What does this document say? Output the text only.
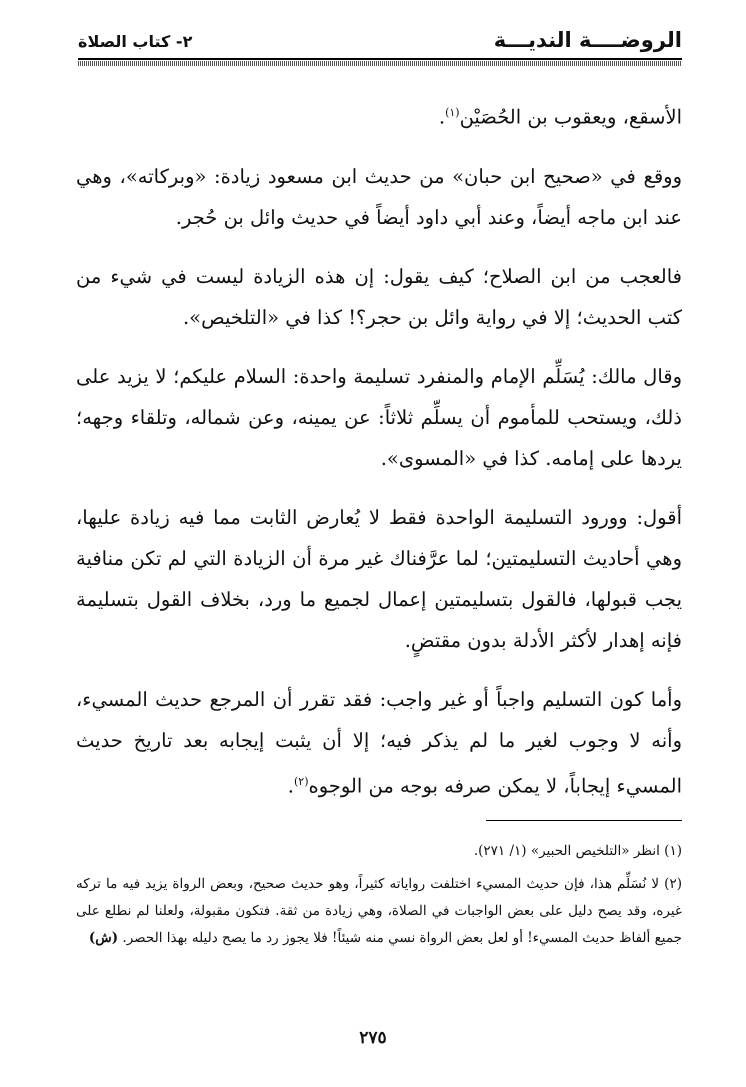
الروضــــة النديـــة
٢- كتاب الصلاة

الأسقع، ويعقوب بن الحُصَيْن$^{(١)}$.

ووقع في «صحيح ابن حبان» من حديث ابن مسعود زيادة: «وبركاته»، وهي عند ابن ماجه أيضاً، وعند أبي داود أيضاً في حديث وائل بن حُجر.

فالعجب من ابن الصلاح؛ كيف يقول: إن هذه الزيادة ليست في شيء من كتب الحديث؛ إلا في رواية وائل بن حجر؟! كذا في «التلخيص».

وقال مالك: يُسَلِّم الإمام والمنفرد تسليمة واحدة: السلام عليكم؛ لا يزيد على ذلك، ويستحب للمأموم أن يسلِّم ثلاثاً: عن يمينه، وعن شماله، وتلقاء وجهه؛ يردها على إمامه. كذا في «المسوى».

أقول: وورود التسليمة الواحدة فقط لا يُعارض الثابت مما فيه زيادة عليها، وهي أحاديث التسليمتين؛ لما عرَّفناك غير مرة أن الزيادة التي لم تكن منافية يجب قبولها، فالقول بتسليمتين إعمال لجميع ما ورد، بخلاف القول بتسليمة فإنه إهدار لأكثر الأدلة بدون مقتضٍ.

وأما كون التسليم واجباً أو غير واجب: فقد تقرر أن المرجع حديث المسيء، وأنه لا وجوب لغير ما لم يذكر فيه؛ إلا أن يثبت إيجابه بعد تاريخ حديث المسيء إيجاباً، لا يمكن صرفه بوجه من الوجوه$^{(٢)}$.

(١) انظر «التلخيص الحبير» (١/ ٢٧١).

(٢) لا نُسَلِّم هذا، فإن حديث المسيء اختلفت رواياته كثيراً، وهو حديث صحيح، وبعض الرواة يزيد فيه ما تركه غيره، وقد يصح دليل على بعض الواجبات في الصلاة، وهي زيادة من ثقة. فتكون مقبولة، ولعلنا لم نطلع على جميع ألفاظ حديث المسيء! أو لعل بعض الرواة نسي منه شيئاً! فلا يجوز رد ما يصح دليله بهذا الحصر. (ش)

٢٧٥
